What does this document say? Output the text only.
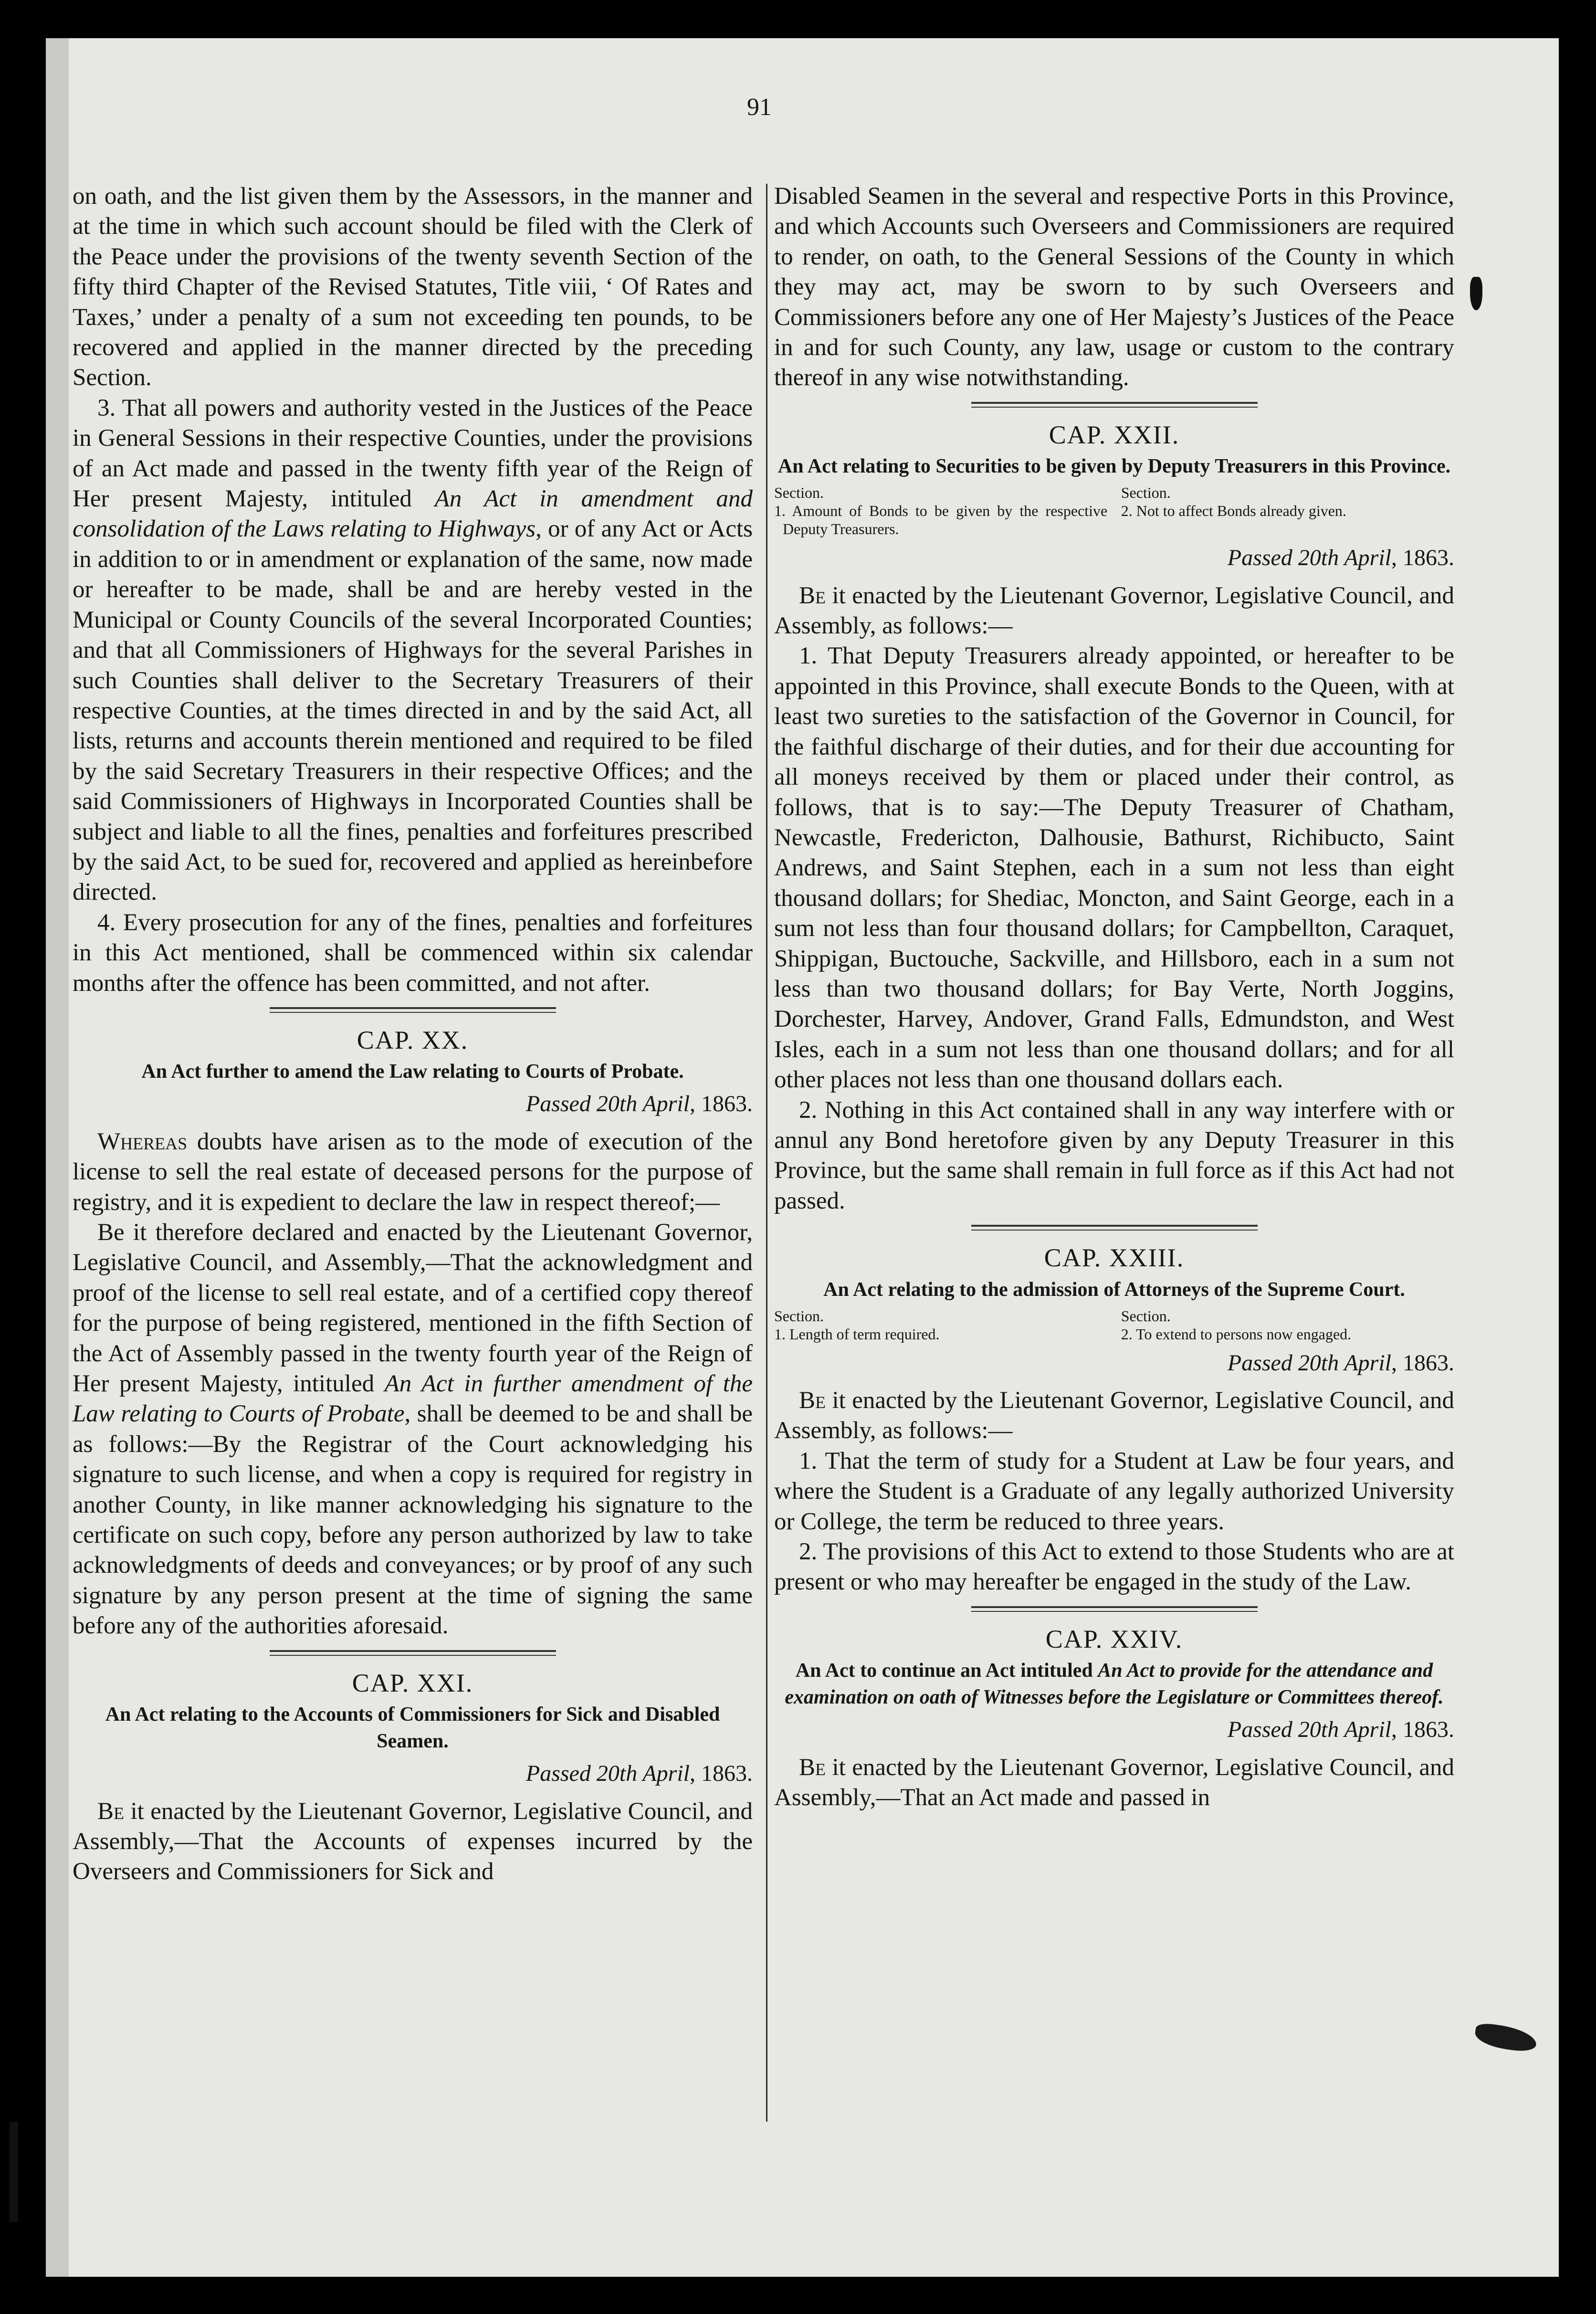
91

on oath, and the list given them by the Assessors, in the manner and at the time in which such account should be filed with the Clerk of the Peace under the provisions of the twenty seventh Section of the fifty third Chapter of the Revised Statutes, Title viii, ‘ Of Rates and Taxes,’ under a penalty of a sum not exceeding ten pounds, to be recovered and applied in the manner directed by the preceding Section.

3. That all powers and authority vested in the Justices of the Peace in General Sessions in their respective Counties, under the provisions of an Act made and passed in the twenty fifth year of the Reign of Her present Majesty, intituled An Act in amendment and consolidation of the Laws relating to Highways, or of any Act or Acts in addition to or in amendment or explanation of the same, now made or hereafter to be made, shall be and are hereby vested in the Municipal or County Councils of the several Incorporated Counties; and that all Commissioners of Highways for the several Parishes in such Counties shall deliver to the Secretary Treasurers of their respective Counties, at the times directed in and by the said Act, all lists, returns and accounts therein mentioned and required to be filed by the said Secretary Treasurers in their respective Offices; and the said Commissioners of Highways in Incorporated Counties shall be subject and liable to all the fines, penalties and forfeitures prescribed by the said Act, to be sued for, recovered and applied as hereinbefore directed.

4. Every prosecution for any of the fines, penalties and forfeitures in this Act mentioned, shall be commenced within six calendar months after the offence has been committed, and not after.

CAP. XX.
An Act further to amend the Law relating to Courts of Probate.
Passed 20th April, 1863.

Whereas doubts have arisen as to the mode of execution of the license to sell the real estate of deceased persons for the purpose of registry, and it is expedient to declare the law in respect thereof;—

Be it therefore declared and enacted by the Lieutenant Governor, Legislative Council, and Assembly,—That the acknowledgment and proof of the license to sell real estate, and of a certified copy thereof for the purpose of being registered, mentioned in the fifth Section of the Act of Assembly passed in the twenty fourth year of the Reign of Her present Majesty, intituled An Act in further amendment of the Law relating to Courts of Probate, shall be deemed to be and shall be as follows:—By the Registrar of the Court acknowledging his signature to such license, and when a copy is required for registry in another County, in like manner acknowledging his signature to the certificate on such copy, before any person authorized by law to take acknowledgments of deeds and conveyances; or by proof of any such signature by any person present at the time of signing the same before any of the authorities aforesaid.

CAP. XXI.
An Act relating to the Accounts of Commissioners for Sick and Disabled Seamen.
Passed 20th April, 1863.

Be it enacted by the Lieutenant Governor, Legislative Council, and Assembly,—That the Accounts of expenses incurred by the Overseers and Commissioners for Sick and

Disabled Seamen in the several and respective Ports in this Province, and which Accounts such Overseers and Commissioners are required to render, on oath, to the General Sessions of the County in which they may act, may be sworn to by such Overseers and Commissioners before any one of Her Majesty’s Justices of the Peace in and for such County, any law, usage or custom to the contrary thereof in any wise notwithstanding.

CAP. XXII.
An Act relating to Securities to be given by Deputy Treasurers in this Province.
Section.
1. Amount of Bonds to be given by the respective Deputy Treasurers.
Section.
2. Not to affect Bonds already given.
Passed 20th April, 1863.

Be it enacted by the Lieutenant Governor, Legislative Council, and Assembly, as follows:—

1. That Deputy Treasurers already appointed, or hereafter to be appointed in this Province, shall execute Bonds to the Queen, with at least two sureties to the satisfaction of the Governor in Council, for the faithful discharge of their duties, and for their due accounting for all moneys received by them or placed under their control, as follows, that is to say:—The Deputy Treasurer of Chatham, Newcastle, Fredericton, Dalhousie, Bathurst, Richibucto, Saint Andrews, and Saint Stephen, each in a sum not less than eight thousand dollars; for Shediac, Moncton, and Saint George, each in a sum not less than four thousand dollars; for Campbellton, Caraquet, Shippigan, Buctouche, Sackville, and Hillsboro, each in a sum not less than two thousand dollars; for Bay Verte, North Joggins, Dorchester, Harvey, Andover, Grand Falls, Edmundston, and West Isles, each in a sum not less than one thousand dollars; and for all other places not less than one thousand dollars each.

2. Nothing in this Act contained shall in any way interfere with or annul any Bond heretofore given by any Deputy Treasurer in this Province, but the same shall remain in full force as if this Act had not passed.

CAP. XXIII.
An Act relating to the admission of Attorneys of the Supreme Court.
Section.
1. Length of term required.
Section.
2. To extend to persons now engaged.
Passed 20th April, 1863.

Be it enacted by the Lieutenant Governor, Legislative Council, and Assembly, as follows:—

1. That the term of study for a Student at Law be four years, and where the Student is a Graduate of any legally authorized University or College, the term be reduced to three years.

2. The provisions of this Act to extend to those Students who are at present or who may hereafter be engaged in the study of the Law.

CAP. XXIV.
An Act to continue an Act intituled An Act to provide for the attendance and examination on oath of Witnesses before the Legislature or Committees thereof.
Passed 20th April, 1863.

Be it enacted by the Lieutenant Governor, Legislative Council, and Assembly,—That an Act made and passed in
